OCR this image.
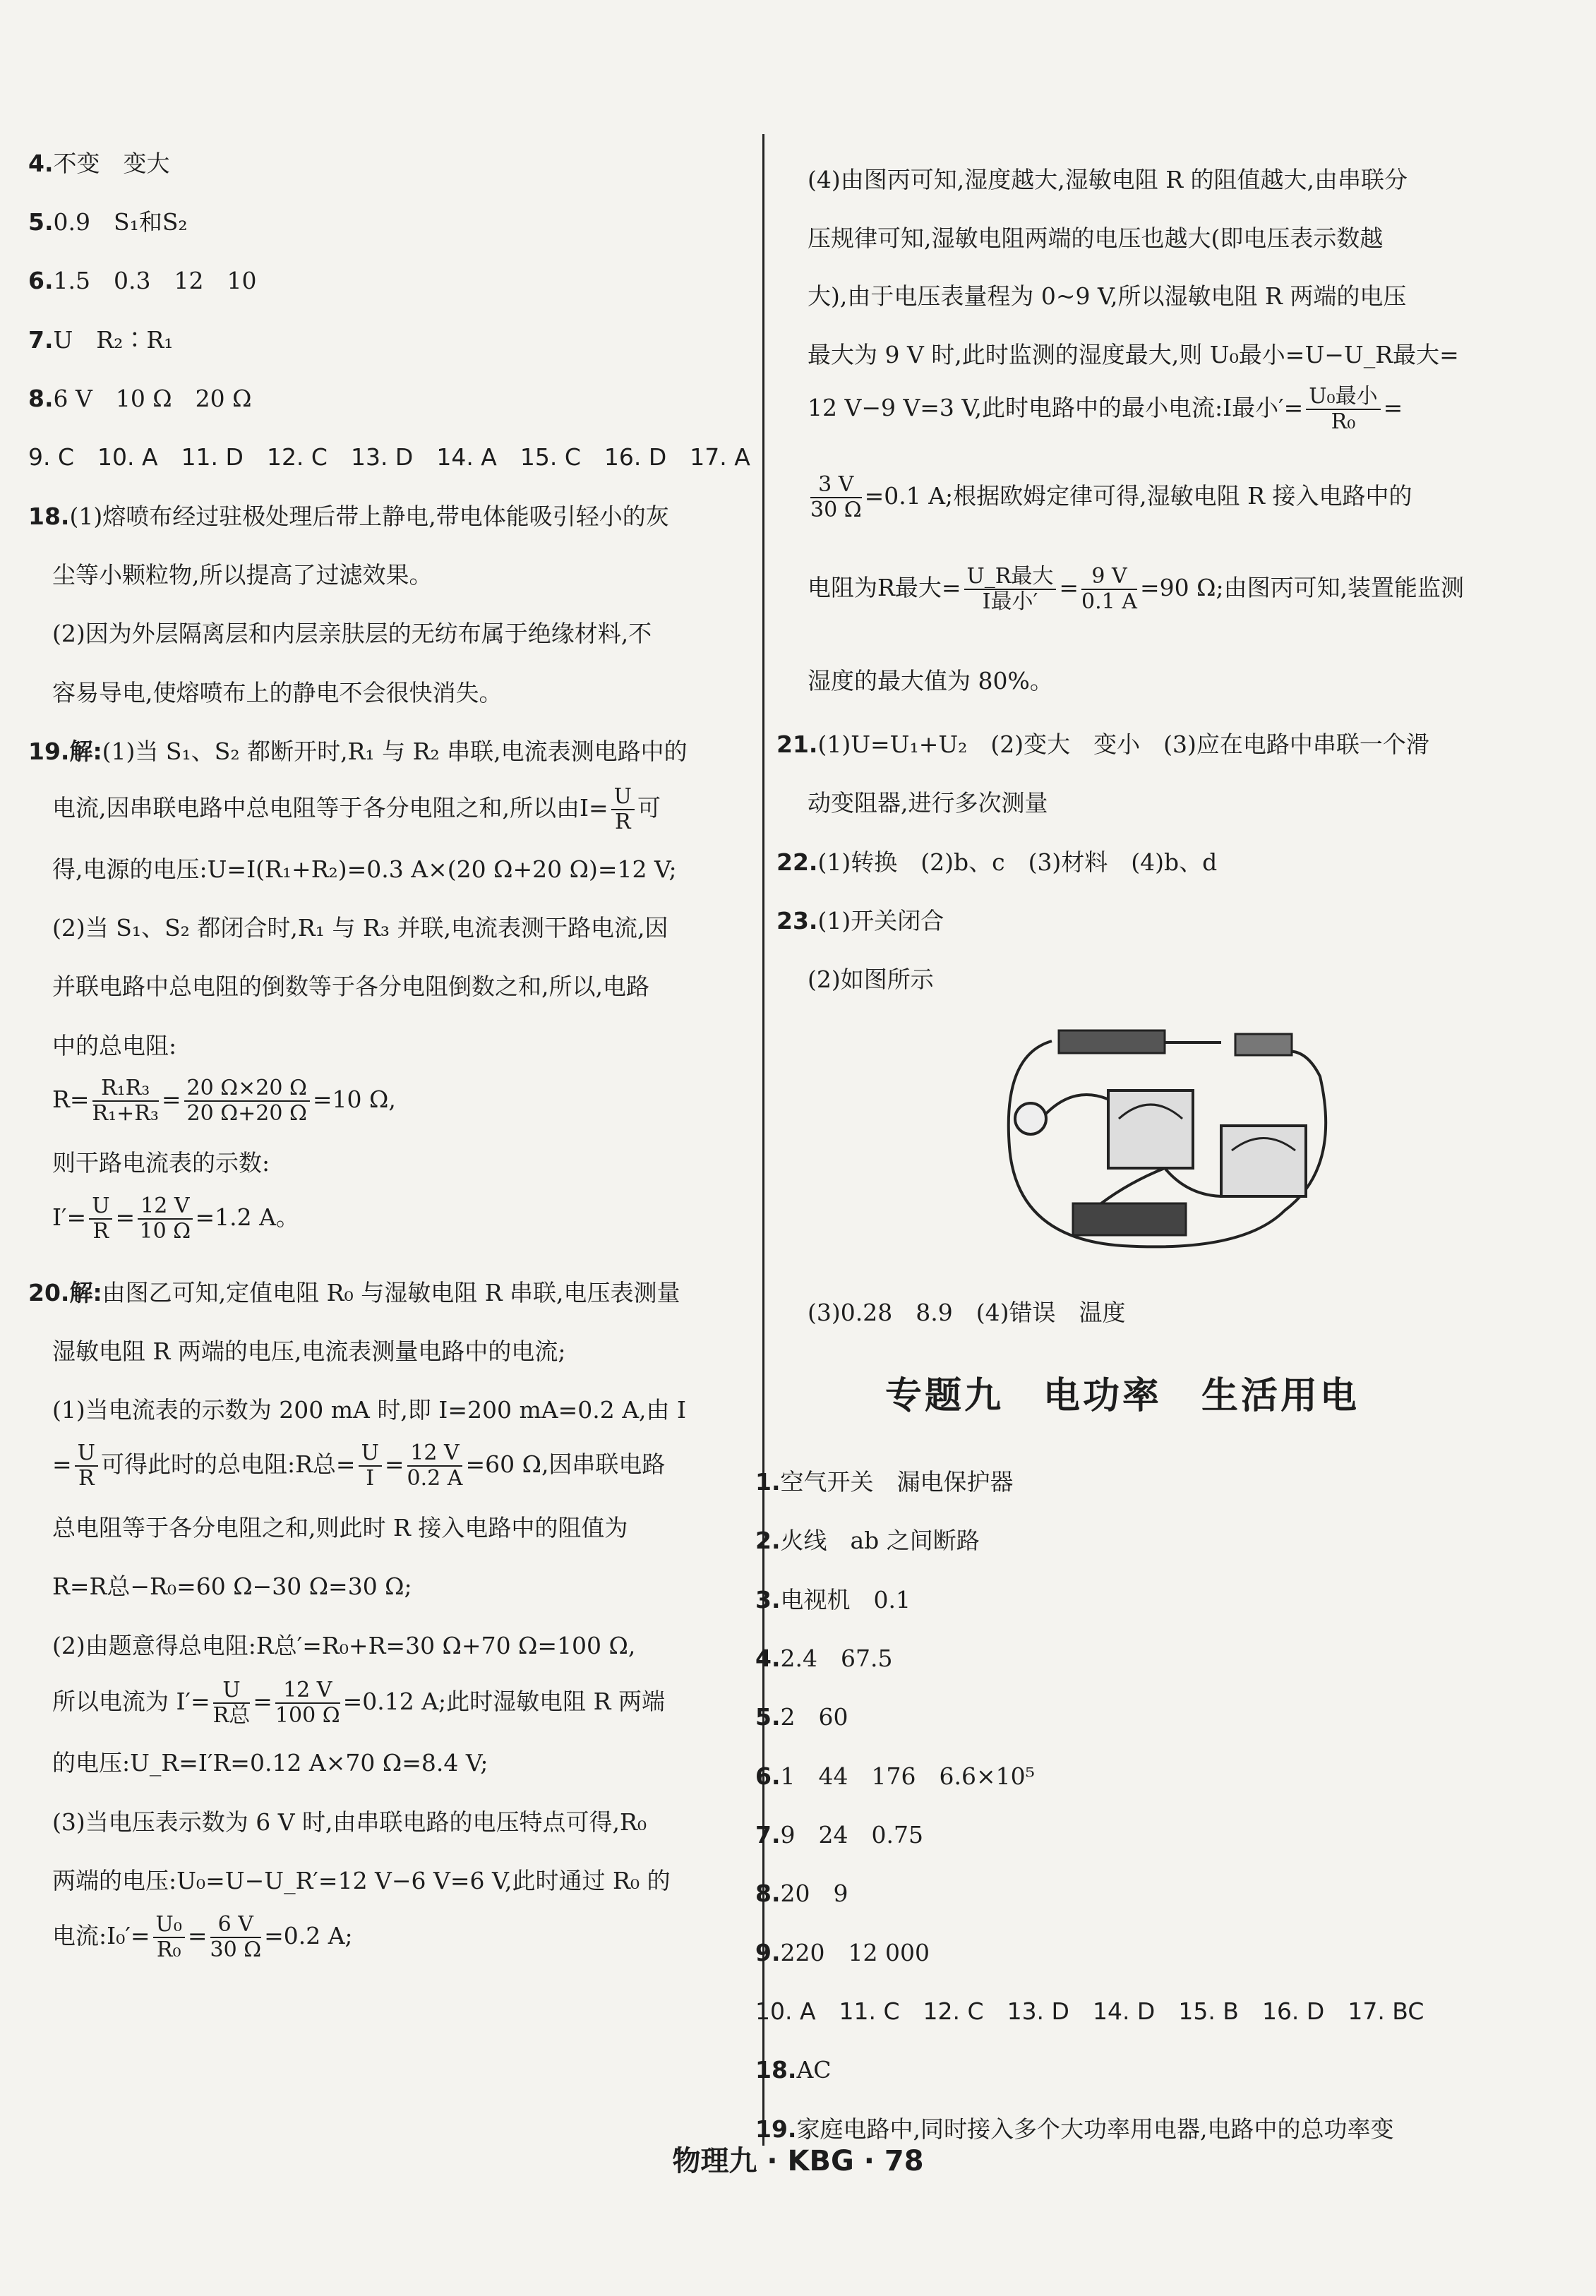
4.不变　变大
5.0.9　S₁和S₂
6.1.5　0.3　12　10
7.U　R₂∶R₁
8.6 V　10 Ω　20 Ω
9. C　10. A　11. D　12. C　13. D　14. A　15. C　16. D　17. A
18.(1)熔喷布经过驻极处理后带上静电,带电体能吸引轻小的灰
尘等小颗粒物,所以提高了过滤效果。
(2)因为外层隔离层和内层亲肤层的无纺布属于绝缘材料,不
容易导电,使熔喷布上的静电不会很快消失。
19.解:(1)当 S₁、S₂ 都断开时,R₁ 与 R₂ 串联,电流表测电路中的
电流,因串联电路中总电阻等于各分电阻之和,所以由$I= \frac{U}{R}$ 可
得,电源的电压:U=I(R₁+R₂)=0.3 A×(20 Ω+20 Ω)=12 V;
(2)当 S₁、S₂ 都闭合时,R₁ 与 R₃ 并联,电流表测干路电流,因
并联电路中总电阻的倒数等于各分电阻倒数之和,所以,电路
中的总电阻:
$R= \frac{\text{R₁R₃}}{\text{R₁+R₃}} = \frac{20 \Omega\times 20 \Omega}{20 \Omega+20 \Omega} =10$ Ω,
则干路电流表的示数:
$I'= \frac{U}{R} = \frac{12 V}{10 \Omega} =1.2$ A。
20.解:由图乙可知,定值电阻 R₀ 与湿敏电阻 R 串联,电压表测量
湿敏电阻 R 两端的电压,电流表测量电路中的电流;
(1)当电流表的示数为 200 mA 时,即 I=200 mA=0.2 A,由 I
= $\frac{U}{R}$ 可得此时的总电阻:R总= $\frac{U}{I} = \frac{12 V}{0.2 A} =60$ Ω,因串联电路
总电阻等于各分电阻之和,则此时 R 接入电路中的阻值为
R=R总−R₀=60 Ω−30 Ω=30 Ω;
(2)由题意得总电阻:R总′=R₀+R=30 Ω+70 Ω=100 Ω,
所以电流为 $I'= \frac{U}{\text{R总}} = \frac{12 V}{100 \Omega} =0.12$ A;此时湿敏电阻 R 两端
的电压:U_R=I′R=0.12 A×70 Ω=8.4 V;
(3)当电压表示数为 6 V 时,由串联电路的电压特点可得,R₀
两端的电压:U₀=U−U_R′=12 V−6 V=6 V,此时通过 R₀ 的
电流:I₀′= $\frac{\text{U₀}}{\text{R₀}} = \frac{6 V}{30 \Omega} =0.2$ A;
(4)由图丙可知,湿度越大,湿敏电阻 R 的阻值越大,由串联分
压规律可知,湿敏电阻两端的电压也越大(即电压表示数越
大),由于电压表量程为 0~9 V,所以湿敏电阻 R 两端的电压
最大为 9 V 时,此时监测的湿度最大,则 U₀最小=U−U_R最大=
12 V−9 V=3 V,此时电路中的最小电流:I最小′= $\frac{\text{U₀最小}}{\text{R₀}}$ =
$\frac{3 V}{30 \Omega} =0.1$ A;根据欧姆定律可得,湿敏电阻 R 接入电路中的
电阻为R最大= $\frac{\text{U\_R最大}}{\text{I最小′}} = \frac{9 V}{0.1 A} =90$ Ω;由图丙可知,装置能监测
湿度的最大值为 80%。
21.(1)U=U₁+U₂　(2)变大　变小　(3)应在电路中串联一个滑
动变阻器,进行多次测量
22.(1)转换　(2)b、c　(3)材料　(4)b、d
23.(1)开关闭合
(2)如图所示
(3)0.28　8.9　(4)错误　温度
专题九　电功率　生活用电
1.空气开关　漏电保护器
2.火线　ab 之间断路
3.电视机　0.1
4.2.4　67.5
5.2　60
6.1　44　176　6.6×10⁵
7.9　24　0.75
8.20　9
9.220　12 000
10. A　11. C　12. C　13. D　14. D　15. B　16. D　17. BC
18.AC
19.家庭电路中,同时接入多个大功率用电器,电路中的总功率变
物理九 · KBG · 78
